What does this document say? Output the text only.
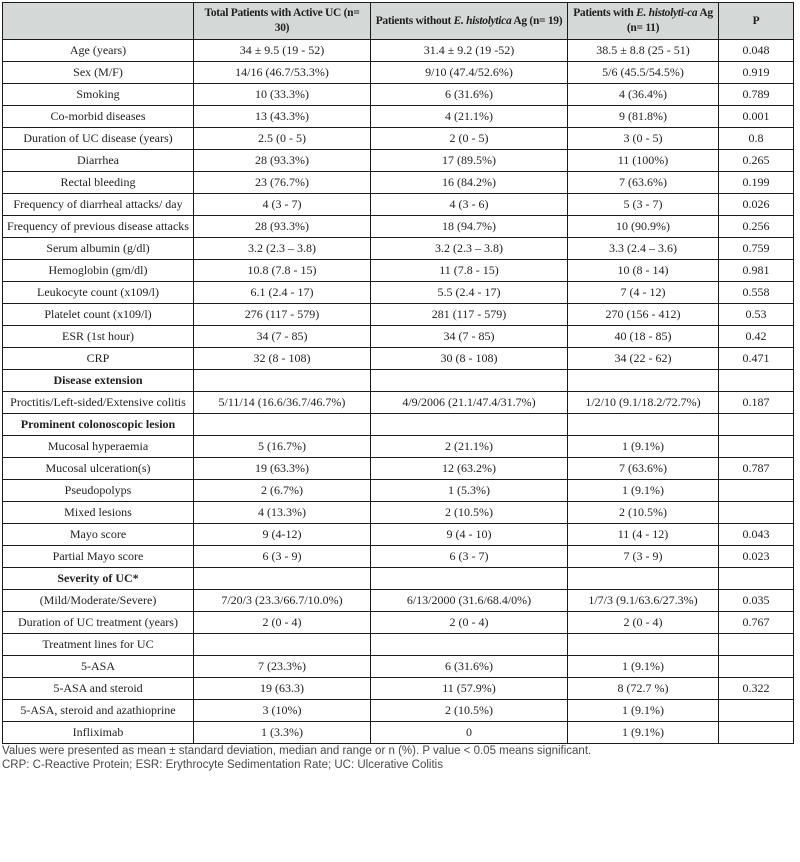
	Total Patients with Active UC (n= 30)	Patients without E. histolytica Ag (n= 19)	Patients with E. histolyti-ca Ag (n= 11)	P
Age (years)	34 ± 9.5 (19 - 52)	31.4 ± 9.2 (19 -52)	38.5 ± 8.8 (25 - 51)	0.048
Sex (M/F)	14/16 (46.7/53.3%)	9/10 (47.4/52.6%)	5/6 (45.5/54.5%)	0.919
Smoking	10 (33.3%)	6 (31.6%)	4 (36.4%)	0.789
Co-morbid diseases	13 (43.3%)	4 (21.1%)	9 (81.8%)	0.001
Duration of UC disease (years)	2.5 (0 - 5)	2 (0 - 5)	3 (0 - 5)	0.8
Diarrhea	28 (93.3%)	17 (89.5%)	11 (100%)	0.265
Rectal bleeding	23 (76.7%)	16 (84.2%)	7 (63.6%)	0.199
Frequency of diarrheal attacks/ day	4 (3 - 7)	4 (3 - 6)	5 (3 - 7)	0.026
Frequency of previous disease attacks	28 (93.3%)	18 (94.7%)	10 (90.9%)	0.256
Serum albumin (g/dl)	3.2 (2.3 – 3.8)	3.2 (2.3 – 3.8)	3.3 (2.4 – 3.6)	0.759
Hemoglobin (gm/dl)	10.8 (7.8 - 15)	11 (7.8 - 15)	10 (8 - 14)	0.981
Leukocyte count (x109/l)	6.1 (2.4 - 17)	5.5 (2.4 - 17)	7 (4 - 12)	0.558
Platelet count (x109/l)	276 (117 - 579)	281 (117 - 579)	270 (156 - 412)	0.53
ESR (1st hour)	34 (7 - 85)	34 (7 - 85)	40 (18 - 85)	0.42
CRP	32 (8 - 108)	30 (8 - 108)	34 (22 - 62)	0.471
Disease extension				
Proctitis/Left-sided/Extensive colitis	5/11/14 (16.6/36.7/46.7%)	4/9/2006 (21.1/47.4/31.7%)	1/2/10 (9.1/18.2/72.7%)	0.187
Prominent colonoscopic lesion				
Mucosal hyperaemia	5 (16.7%)	2 (21.1%)	1 (9.1%)	
Mucosal ulceration(s)	19 (63.3%)	12 (63.2%)	7 (63.6%)	0.787
Pseudopolyps	2 (6.7%)	1 (5.3%)	1 (9.1%)	
Mixed lesions	4 (13.3%)	2 (10.5%)	2 (10.5%)	
Mayo score	9 (4-12)	9 (4 - 10)	11 (4 - 12)	0.043
Partial Mayo score	6 (3 - 9)	6 (3 - 7)	7 (3 - 9)	0.023
Severity of UC*				
(Mild/Moderate/Severe)	7/20/3 (23.3/66.7/10.0%)	6/13/2000 (31.6/68.4/0%)	1/7/3 (9.1/63.6/27.3%)	0.035
Duration of UC treatment (years)	2 (0 - 4)	2 (0 - 4)	2 (0 - 4)	0.767
Treatment lines for UC				
5-ASA	7 (23.3%)	6 (31.6%)	1 (9.1%)	
5-ASA and steroid	19 (63.3)	11 (57.9%)	8 (72.7 %)	0.322
5-ASA, steroid and azathioprine	3 (10%)	2 (10.5%)	1 (9.1%)	
Infliximab	1 (3.3%)	0	1 (9.1%)	
Values were presented as mean ± standard deviation, median and range or n (%). P value < 0.05 means significant.
CRP: C-Reactive Protein; ESR: Erythrocyte Sedimentation Rate; UC: Ulcerative Colitis
